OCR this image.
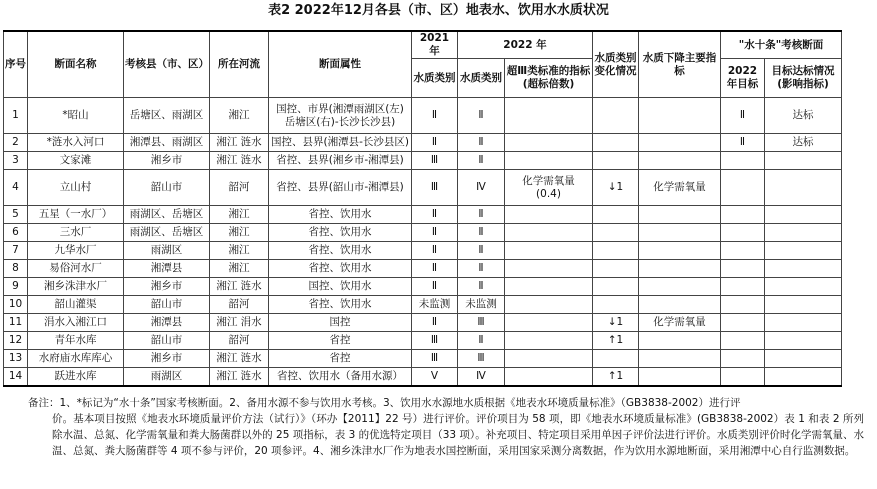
表2 2022年12月各县（市、区）地表水、饮用水水质状况
序号	断面名称	考核县（市、区）	所在河流	断面属性	2021 年	2022 年		水质类别变化情况	水质下降主要指标	"水十条"考核断面	
					水质类别	水质类别	超Ⅲ类标准的指标(超标倍数)			2022 年目标	目标达标情况(影响指标)
1	*昭山	岳塘区、雨湖区	湘江	国控、市界(湘潭雨湖区(左)
岳塘区(右)-长沙长沙县)	Ⅱ	Ⅱ				Ⅱ	达标
2	*涟水入河口	湘潭县、雨湖区	湘江 涟水	国控、县界(湘潭县-长沙县区)	Ⅱ	Ⅱ				Ⅱ	达标
3	文家滩	湘乡市	湘江 涟水	省控、县界(湘乡市-湘潭县)	Ⅲ	Ⅱ					
4	立山村	韶山市	韶河	省控、县界(韶山市-湘潭县)	Ⅲ	Ⅳ	化学需氧量
(0.4)	↓1	化学需氧量		
5	五星（一水厂）	雨湖区、岳塘区	湘江	省控、饮用水	Ⅱ	Ⅱ					
6	三水厂	雨湖区、岳塘区	湘江	省控、饮用水	Ⅱ	Ⅱ					
7	九华水厂	雨湖区	湘江	省控、饮用水	Ⅱ	Ⅱ					
8	易俗河水厂	湘潭县	湘江	省控、饮用水	Ⅱ	Ⅱ					
9	湘乡洙津水厂	湘乡市	湘江 涟水	国控、饮用水	Ⅱ	Ⅱ					
10	韶山灌渠	韶山市	韶河	省控、饮用水	未监测	未监测					
11	涓水入湘江口	湘潭县	湘江 涓水	国控	Ⅱ	Ⅲ		↓1	化学需氧量		
12	青年水库	韶山市	韶河	省控	Ⅲ	Ⅱ		↑1			
13	水府庙水库库心	湘乡市	湘江 涟水	省控	Ⅲ	Ⅲ					
14	跃进水库	雨湖区	湘江 涟水	省控、饮用水（备用水源）	Ⅴ	Ⅳ		↑1			
备注：1、*标记为“水十条”国家考核断面。2、备用水源不参与饮用水考核。3、饮用水水源地水质根据《地表水环境质量标准》（GB3838-2002）进行评
价。基本项目按照《地表水环境质量评价方法（试行）》（环办【2011】22 号）进行评价。评价项目为 58 项，即《地表水环境质量标准》(GB3838-2002）表 1 和表 2 所列除水温、总氮、化学需氧量和粪大肠菌群以外的 25 项指标，表 3 的优选特定项目（33 项）。补充项目、特定项目采用单因子评价法进行评价。水质类别评价时化学需氧量、水温、总氮、粪大肠菌群等 4 项不参与评价，20 项参评。4、湘乡洙津水厂作为地表水国控断面，采用国家采测分离数据，作为饮用水源地断面，采用湘潭中心自行监测数据。
